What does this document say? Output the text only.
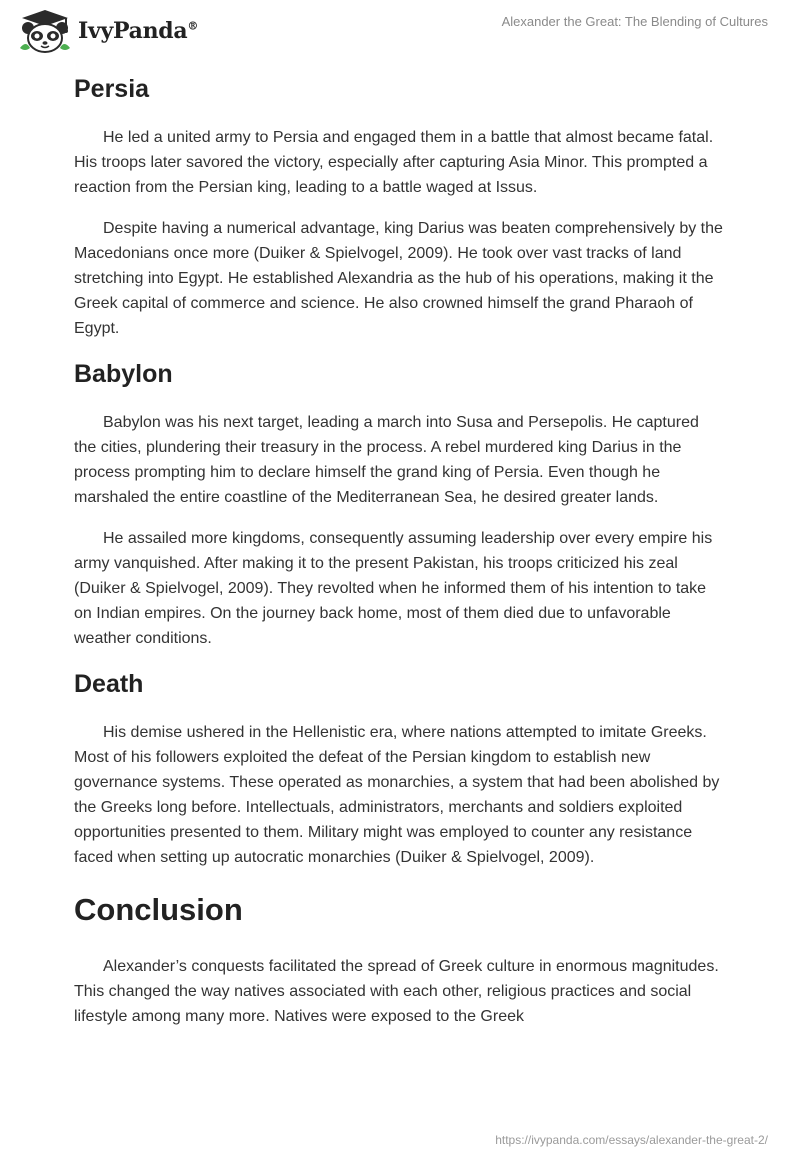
IvyPanda®	Alexander the Great: The Blending of Cultures
Persia

He led a united army to Persia and engaged them in a battle that almost became fatal. His troops later savored the victory, especially after capturing Asia Minor. This prompted a reaction from the Persian king, leading to a battle waged at Issus.

Despite having a numerical advantage, king Darius was beaten comprehensively by the Macedonians once more (Duiker & Spielvogel, 2009). He took over vast tracks of land stretching into Egypt. He established Alexandria as the hub of his operations, making it the Greek capital of commerce and science. He also crowned himself the grand Pharaoh of Egypt.

Babylon

Babylon was his next target, leading a march into Susa and Persepolis. He captured the cities, plundering their treasury in the process. A rebel murdered king Darius in the process prompting him to declare himself the grand king of Persia. Even though he marshaled the entire coastline of the Mediterranean Sea, he desired greater lands.

He assailed more kingdoms, consequently assuming leadership over every empire his army vanquished. After making it to the present Pakistan, his troops criticized his zeal (Duiker & Spielvogel, 2009). They revolted when he informed them of his intention to take on Indian empires. On the journey back home, most of them died due to unfavorable weather conditions.

Death

His demise ushered in the Hellenistic era, where nations attempted to imitate Greeks. Most of his followers exploited the defeat of the Persian kingdom to establish new governance systems. These operated as monarchies, a system that had been abolished by the Greeks long before. Intellectuals, administrators, merchants and soldiers exploited opportunities presented to them. Military might was employed to counter any resistance faced when setting up autocratic monarchies (Duiker & Spielvogel, 2009).

Conclusion

Alexander’s conquests facilitated the spread of Greek culture in enormous magnitudes. This changed the way natives associated with each other, religious practices and social lifestyle among many more. Natives were exposed to the Greek

https://ivypanda.com/essays/alexander-the-great-2/
